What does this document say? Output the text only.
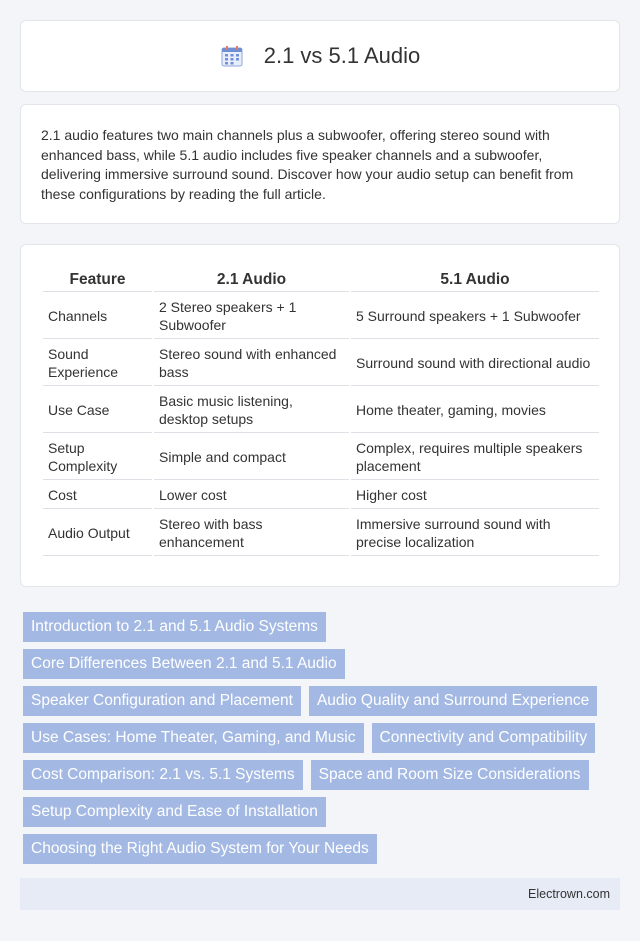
2.1 vs 5.1 Audio

2.1 audio features two main channels plus a subwoofer, offering stereo sound with enhanced bass, while 5.1 audio includes five speaker channels and a subwoofer, delivering immersive surround sound. Discover how your audio setup can benefit from these configurations by reading the full article.

Feature	2.1 Audio	5.1 Audio
Channels	2 Stereo speakers + 1 Subwoofer	5 Surround speakers + 1 Subwoofer
Sound Experience	Stereo sound with enhanced bass	Surround sound with directional audio
Use Case	Basic music listening, desktop setups	Home theater, gaming, movies
Setup Complexity	Simple and compact	Complex, requires multiple speakers placement
Cost	Lower cost	Higher cost
Audio Output	Stereo with bass enhancement	Immersive surround sound with precise localization
Introduction to 2.1 and 5.1 Audio Systems
Core Differences Between 2.1 and 5.1 Audio
Speaker Configuration and Placement	Audio Quality and Surround Experience
Use Cases: Home Theater, Gaming, and Music	Connectivity and Compatibility
Cost Comparison: 2.1 vs. 5.1 Systems	Space and Room Size Considerations
Setup Complexity and Ease of Installation
Choosing the Right Audio System for Your Needs
Electrown.com
